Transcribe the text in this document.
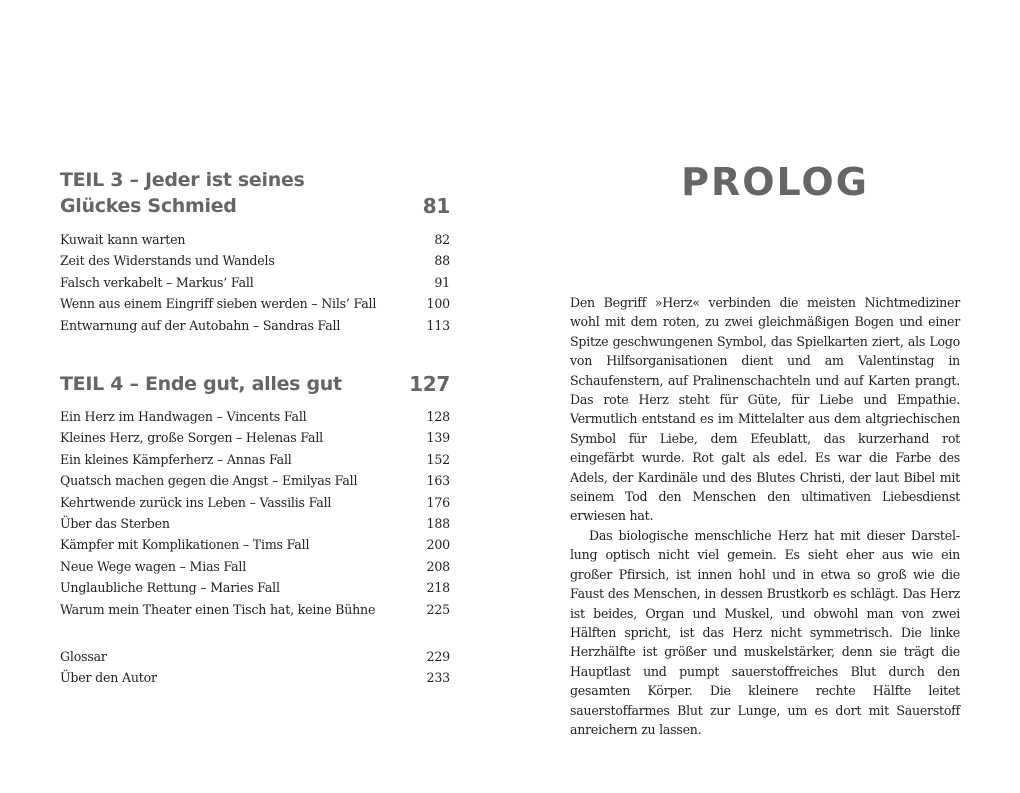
TEIL 3 – Jeder ist seines Glückes Schmied	81
Kuwait kann warten	82
Zeit des Widerstands und Wandels	88
Falsch verkabelt – Markus’ Fall	91
Wenn aus einem Eingriff sieben werden – Nils’ Fall	100
Entwarnung auf der Autobahn – Sandras Fall	113
TEIL 4 – Ende gut, alles gut	127
Ein Herz im Handwagen – Vincents Fall	128
Kleines Herz, große Sorgen – Helenas Fall	139
Ein kleines Kämpferherz – Annas Fall	152
Quatsch machen gegen die Angst – Emilyas Fall	163
Kehrtwende zurück ins Leben – Vassilis Fall	176
Über das Sterben	188
Kämpfer mit Komplikationen – Tims Fall	200
Neue Wege wagen – Mias Fall	208
Unglaubliche Rettung – Maries Fall	218
Warum mein Theater einen Tisch hat, keine Bühne	225
Glossar	229
Über den Autor	233
PROLOG

Den Begriff »Herz« verbinden die meisten Nichtmediziner wohl mit dem roten, zu zwei gleichmäßigen Bogen und einer Spitze geschwungenen Symbol, das Spielkarten ziert, als Logo von Hilfsorganisationen dient und am Valentinstag in Schaufenstern, auf Pralinenschachteln und auf Karten prangt. Das rote Herz steht für Güte, für Liebe und Empathie. Vermutlich entstand es im Mittelalter aus dem altgriechischen Symbol für Liebe, dem Efeublatt, das kurzerhand rot eingefärbt wurde. Rot galt als edel. Es war die Farbe des Adels, der Kardinäle und des Blutes Christi, der laut Bibel mit seinem Tod den Menschen den ultimativen Liebesdienst erwiesen hat.

Das biologische menschliche Herz hat mit dieser Darstellung optisch nicht viel gemein. Es sieht eher aus wie ein großer Pfirsich, ist innen hohl und in etwa so groß wie die Faust des Menschen, in dessen Brustkorb es schlägt. Das Herz ist beides, Organ und Muskel, und obwohl man von zwei Hälften spricht, ist das Herz nicht symmetrisch. Die linke Herzhälfte ist größer und muskelstärker, denn sie trägt die Hauptlast und pumpt sauerstoffreiches Blut durch den gesamten Körper. Die kleinere rechte Hälfte leitet sauerstoffarmes Blut zur Lunge, um es dort mit Sauerstoff anreichern zu lassen.
